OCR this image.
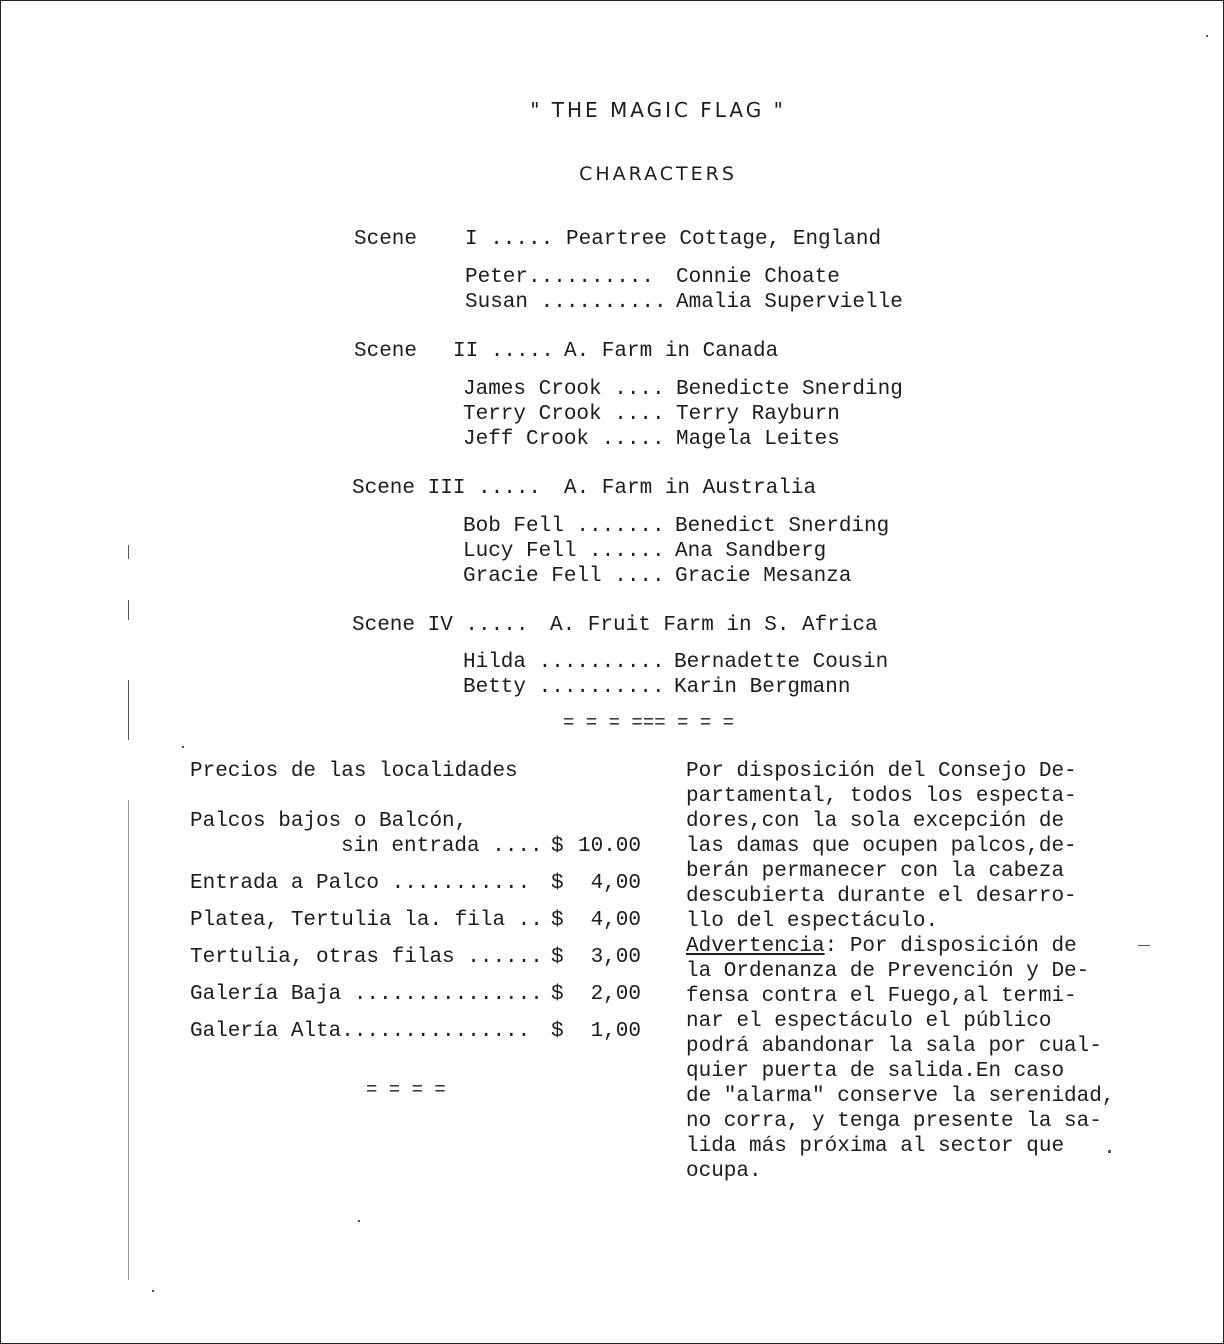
" THE MAGIC FLAG "
CHARACTERS
Scene I ..... Peartree Cottage, England
Peter.......... Connie Choate
Susan .......... Amalia Supervielle
Scene II ..... A. Farm in Canada
James Crook .... Benedicte Snerding
Terry Crook .... Terry Rayburn
Jeff Crook ..... Magela Leites
Scene III ..... A. Farm in Australia
Bob Fell ....... Benedict Snerding
Lucy Fell ...... Ana Sandberg
Gracie Fell .... Gracie Mesanza
Scene IV ..... A. Fruit Farm in S. Africa
Hilda .......... Bernadette Cousin
Betty .......... Karin Bergmann
= = = === = = =
Precios de las localidades
Palcos bajos o Balcón,
sin entrada .... $ 10.00
Entrada a Palco ........... $	4,00
Platea, Tertulia la. fila .. $	4,00
Tertulia, otras filas ...... $	3,00
Galería Baja ............... $	2,00
Galería Alta............... $	1,00
= = = =
Por disposición del Consejo De-
partamental, todos los especta-
dores,con la sola excepción de
las damas que ocupen palcos,de-
berán permanecer con la cabeza
descubierta durante el desarro-
llo del espectáculo.
Advertencia: Por disposición de
la Ordenanza de Prevención y De-
fensa contra el Fuego,al termi-
nar el espectáculo el público
podrá abandonar la sala por cual-
quier puerta de salida.En caso
de "alarma" conserve la serenidad,
no corra, y tenga presente la sa-
lida más próxima al sector que
ocupa.
